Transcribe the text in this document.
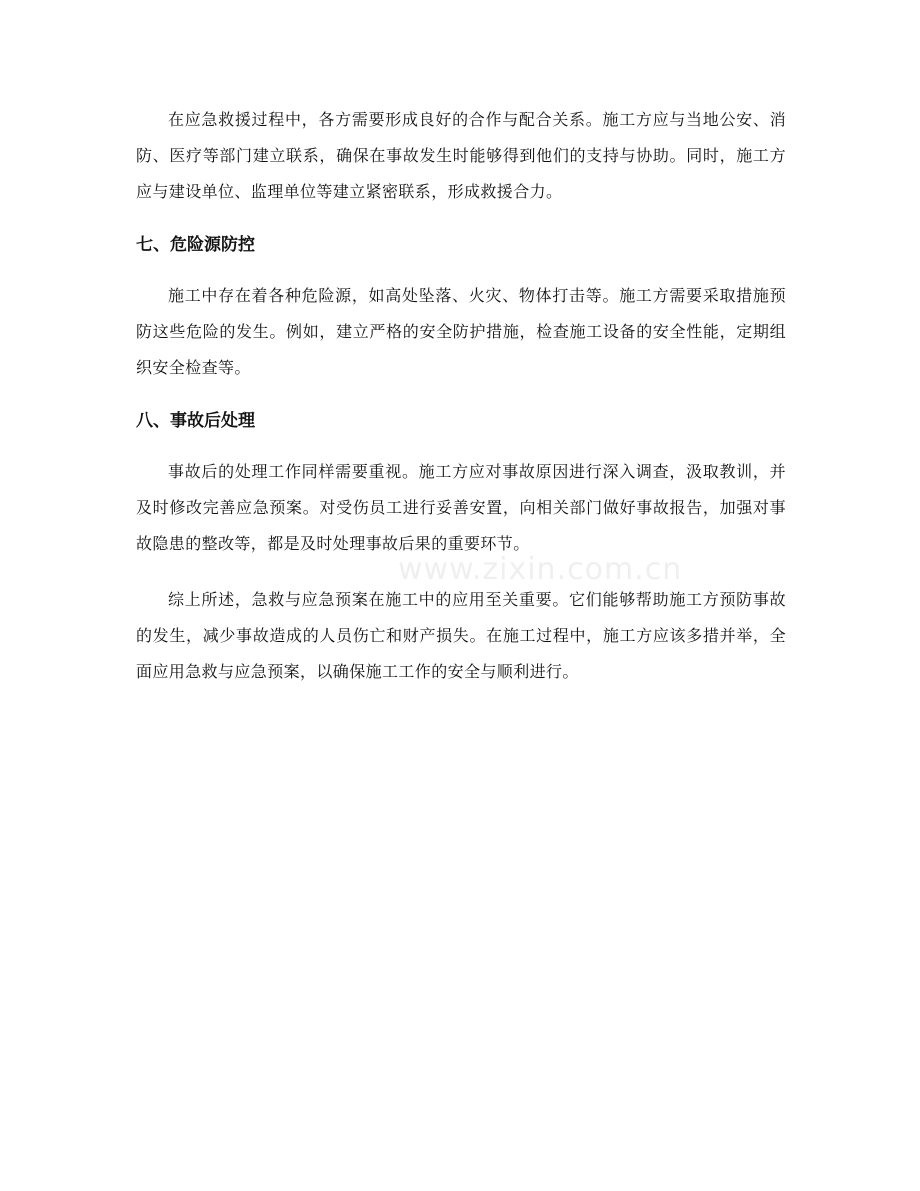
在应急救援过程中，各方需要形成良好的合作与配合关系。施工方应与当地公安、消防、医疗等部门建立联系，确保在事故发生时能够得到他们的支持与协助。同时，施工方应与建设单位、监理单位等建立紧密联系，形成救援合力。

七、危险源防控

施工中存在着各种危险源，如高处坠落、火灾、物体打击等。施工方需要采取措施预防这些危险的发生。例如，建立严格的安全防护措施，检查施工设备的安全性能，定期组织安全检查等。

八、事故后处理

事故后的处理工作同样需要重视。施工方应对事故原因进行深入调查，汲取教训，并及时修改完善应急预案。对受伤员工进行妥善安置，向相关部门做好事故报告，加强对事故隐患的整改等，都是及时处理事故后果的重要环节。

综上所述，急救与应急预案在施工中的应用至关重要。它们能够帮助施工方预防事故的发生，减少事故造成的人员伤亡和财产损失。在施工过程中，施工方应该多措并举，全面应用急救与应急预案，以确保施工工作的安全与顺利进行。

www.zixin.com.cn
